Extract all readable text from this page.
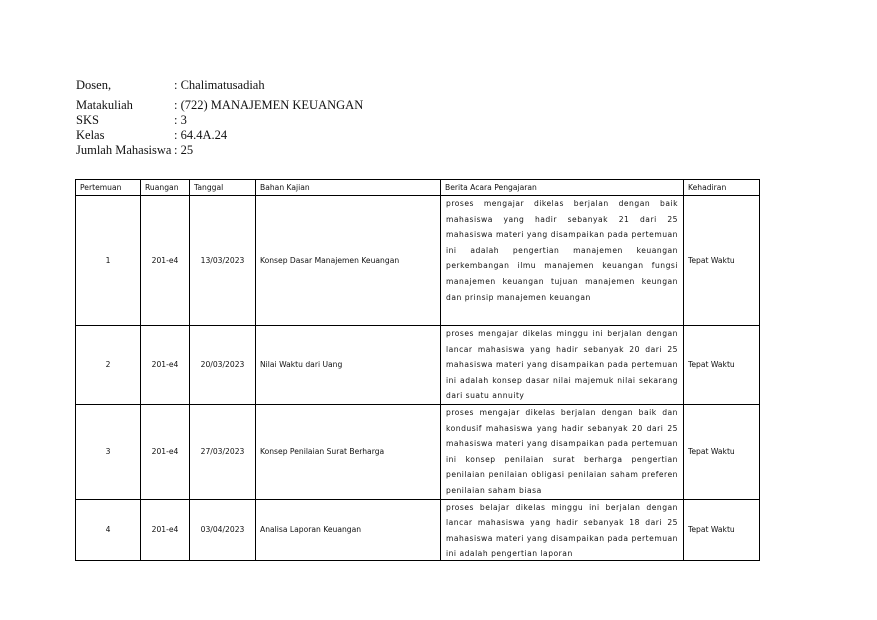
Dosen,	: Chalimatusadiah
Matakuliah	: (722) MANAJEMEN KEUANGAN
SKS	: 3
Kelas	: 64.4A.24
Jumlah Mahasiswa : 25
Pertemuan	Ruangan	Tanggal	Bahan Kajian	Berita Acara Pengajaran	Kehadiran
1	201-e4	13/03/2023	Konsep Dasar Manajemen Keuangan	proses mengajar dikelas berjalan dengan baik mahasiswa yang hadir sebanyak 21 dari 25 mahasiswa materi yang disampaikan pada pertemuan ini adalah pengertian manajemen keuangan perkembangan ilmu manajemen keuangan fungsi manajemen keuangan tujuan manajemen keungan dan prinsip manajemen keuangan	Tepat Waktu
2	201-e4	20/03/2023	Nilai Waktu dari Uang	proses mengajar dikelas minggu ini berjalan dengan lancar mahasiswa yang hadir sebanyak 20 dari 25 mahasiswa materi yang disampaikan pada pertemuan ini adalah konsep dasar nilai majemuk nilai sekarang dari suatu annuity	Tepat Waktu
3	201-e4	27/03/2023	Konsep Penilaian Surat Berharga	proses mengajar dikelas berjalan dengan baik dan kondusif mahasiswa yang hadir sebanyak 20 dari 25 mahasiswa materi yang disampaikan pada pertemuan ini konsep penilaian surat berharga pengertian penilaian penilaian obligasi penilaian saham preferen penilaian saham biasa	Tepat Waktu
4	201-e4	03/04/2023	Analisa Laporan Keuangan	proses belajar dikelas minggu ini berjalan dengan lancar mahasiswa yang hadir sebanyak 18 dari 25 mahasiswa materi yang disampaikan pada pertemuan ini adalah pengertian laporan	Tepat Waktu
